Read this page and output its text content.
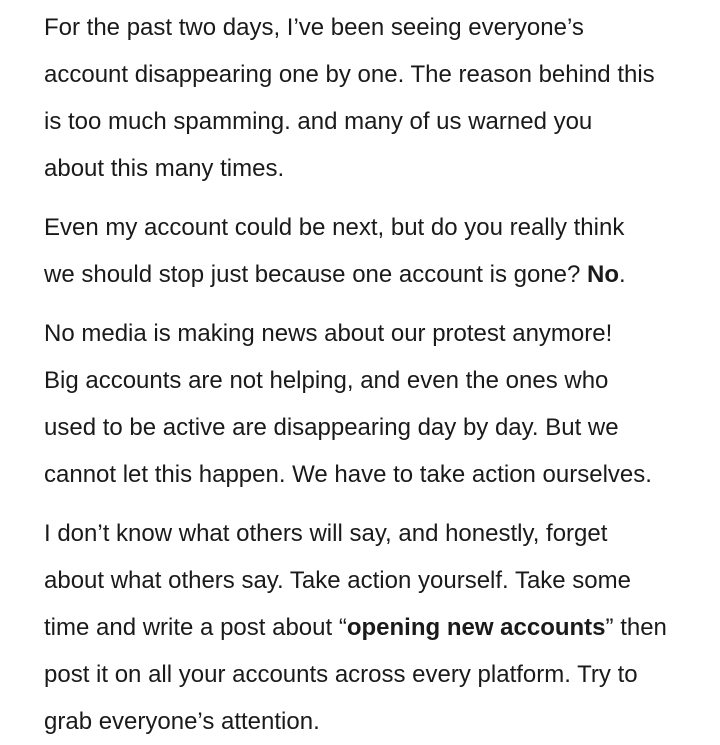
For the past two days, I’ve been seeing everyone’s
account disappearing one by one. The reason behind this
is too much spamming. and many of us warned you
about this many times.

Even my account could be next, but do you really think
we should stop just because one account is gone? No.

No media is making news about our protest anymore!
Big accounts are not helping, and even the ones who
used to be active are disappearing day by day. But we
cannot let this happen. We have to take action ourselves.

I don’t know what others will say, and honestly, forget
about what others say. Take action yourself. Take some
time and write a post about “opening new accounts” then
post it on all your accounts across every platform. Try to
grab everyone’s attention.
